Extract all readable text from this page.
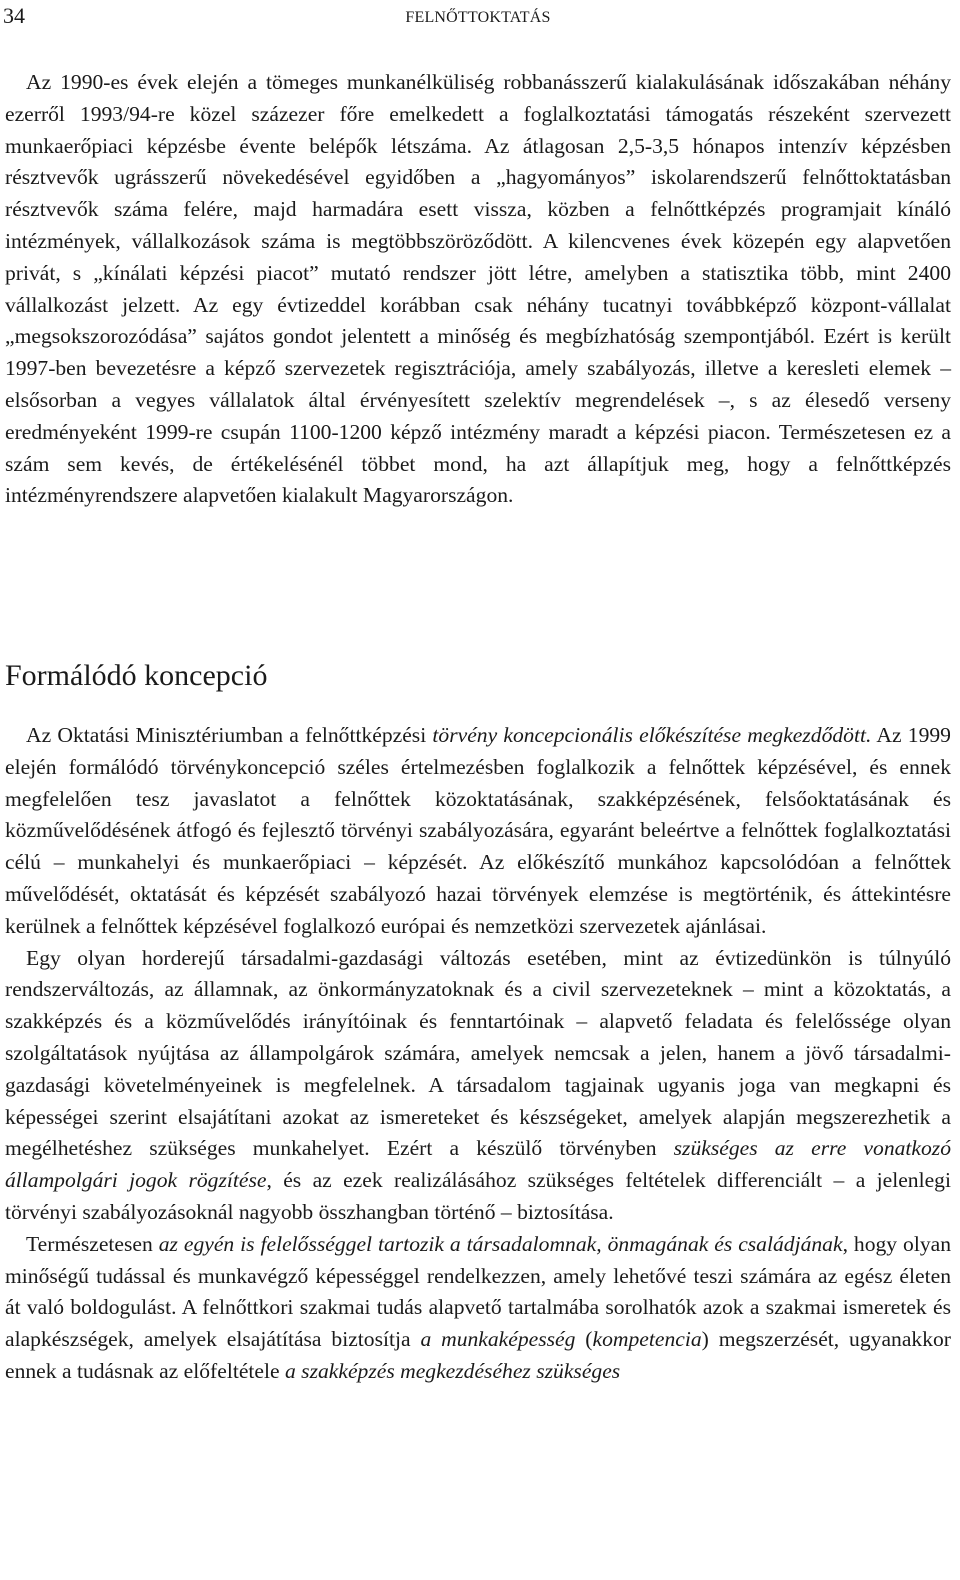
34	FELNŐTTOKTATÁS

Az 1990-es évek elején a tömeges munkanélküliség robbanásszerű kialakulásának időszakában néhány ezerről 1993/94-re közel százezer főre emelkedett a foglalkoztatási támogatás részeként szervezett munkaerőpiaci képzésbe évente belépők létszáma. Az átlagosan 2,5-3,5 hónapos intenzív képzésben résztvevők ugrásszerű növekedésével egyidőben a „hagyományos” iskolarendszerű felnőttoktatásban résztvevők száma felére, majd harmadára esett vissza, közben a felnőttképzés programjait kínáló intézmények, vállalkozások száma is megtöbbszöröződött. A kilencvenes évek közepén egy alapvetően privát, s „kínálati képzési piacot” mutató rendszer jött létre, amelyben a statisztika több, mint 2400 vállalkozást jelzett. Az egy évtizeddel korábban csak néhány tucatnyi továbbképző központ-vállalat „megsokszorozódása” sajátos gondot jelentett a minőség és megbízhatóság szempontjából. Ezért is került 1997-ben bevezetésre a képző szervezetek regisztrációja, amely szabályozás, illetve a keresleti elemek – elsősorban a vegyes vállalatok által érvényesített szelektív megrendelések –, s az élesedő verseny eredményeként 1999-re csupán 1100-1200 képző intézmény maradt a képzési piacon. Természetesen ez a szám sem kevés, de értékelésénél többet mond, ha azt állapítjuk meg, hogy a felnőttképzés intézményrendszere alapvetően kialakult Magyarországon.

Formálódó koncepció

Az Oktatási Minisztériumban a felnőttképzési törvény koncepcionális előkészítése megkezdődött. Az 1999 elején formálódó törvénykoncepció széles értelmezésben foglalkozik a felnőttek képzésével, és ennek megfelelően tesz javaslatot a felnőttek közoktatásának, szakképzésének, felsőoktatásának és közművelődésének átfogó és fejlesztő törvényi szabályozására, egyaránt beleértve a felnőttek foglalkoztatási célú – munkahelyi és munkaerőpiaci – képzését. Az előkészítő munkához kapcsolódóan a felnőttek művelődését, oktatását és képzését szabályozó hazai törvények elemzése is megtörténik, és áttekintésre kerülnek a felnőttek képzésével foglalkozó európai és nemzetközi szervezetek ajánlásai.

Egy olyan horderejű társadalmi-gazdasági változás esetében, mint az évtizedünkön is túlnyúló rendszerváltozás, az államnak, az önkormányzatoknak és a civil szervezeteknek – mint a közoktatás, a szakképzés és a közművelődés irányítóinak és fenntartóinak – alapvető feladata és felelőssége olyan szolgáltatások nyújtása az állampolgárok számára, amelyek nemcsak a jelen, hanem a jövő társadalmigazdasági követelményeinek is megfelelnek. A társadalom tagjainak ugyanis joga van megkapni és képességei szerint elsajátítani azokat az ismereteket és készségeket, amelyek alapján megszerezhetik a megélhetéshez szükséges munkahelyet. Ezért a készülő törvényben szükséges az erre vonatkozó állampolgári jogok rögzítése, és az ezek realizálásához szükséges feltételek differenciált – a jelenlegi törvényi szabályozásoknál nagyobb összhangban történő – biztosítása.

Természetesen az egyén is felelősséggel tartozik a társadalomnak, önmagának és családjának, hogy olyan minőségű tudással és munkavégző képességgel rendelkezzen, amely lehetővé teszi számára az egész életen át való boldogulást. A felnőttkori szakmai tudás alapvető tartalmába sorolhatók azok a szakmai ismeretek és alapkészségek, amelyek elsajátítása biztosítja a munkaképesség (kompetencia) megszerzését, ugyanakkor ennek a tudásnak az előfeltétele a szakképzés megkezdéséhez szükséges
